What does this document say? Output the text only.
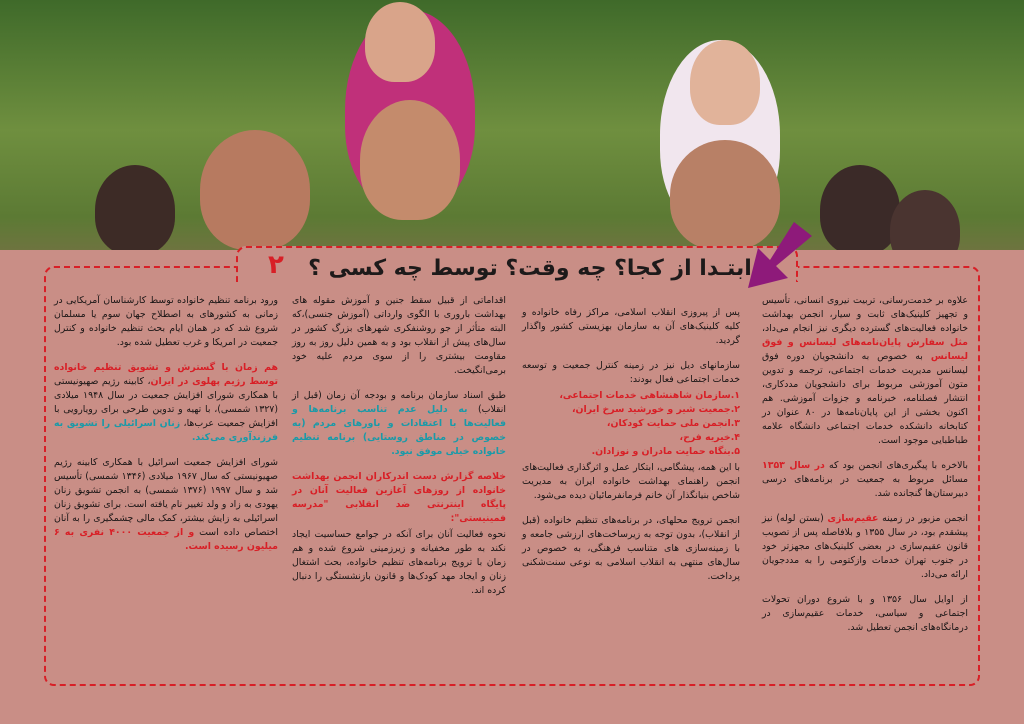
ابتـدا از کجا؟ چه وقت؟ توسط چه کسی ؟
۲

علاوه بر خدمت‌رسانی، تربیت نیروی انسانی، تأسیس و تجهیز کلینیک‌های ثابت و سیار، انجمن بهداشت خانواده فعالیت‌های گسترده دیگری نیز انجام می‌داد، مثل سفارش پایان‌نامه‌های لیسانس و فوق لیسانس به خصوص به دانشجویان دوره فوق لیسانس مدیریت خدمات اجتماعی، ترجمه و تدوین متون آموزشی مربوط برای دانشجویان مددکاری، انتشار فصلنامه، خبرنامه و جزوات آموزشی. هم اکنون بخشی از این پایان‌نامه‌ها در ۸۰ عنوان در کتابخانه دانشکده خدمات اجتماعی دانشگاه علامه طباطبایی موجود است.

بالاخره با پیگیری‌های انجمن بود که در سال ۱۳۵۳ مسائل مربوط به جمعیت در برنامه‌های درسی دبیرستان‌ها گنجانده شد.

انجمن مزبور در زمینه عقیم‌سازی (بستن لوله) نیز پیشقدم بود، در سال ۱۳۵۵ و بلافاصله پس از تصویب قانون عقیم‌سازی در بعضی کلینیک‌های مجهزتر خود در جنوب تهران خدمات وازکتومی را به مددجویان ارائه می‌داد.

از اوایل سال ۱۳۵۶ و با شروع دوران تحولات اجتماعی و سیاسی، خدمات عقیم‌سازی در درمانگاه‌های انجمن تعطیل شد.

پس از پیروزی انقلاب اسلامی، مراکز رفاه خانواده و کلیه کلینیک‌های آن به سازمان بهزیستی کشور واگذار گردید.

سازمانهای دیل نیز در زمینه کنترل جمعیت و توسعه خدمات اجتماعی فعال بودند:

۱.سازمان شاهنشاهی خدمات اجتماعی،
۲.جمعیت شیر و خورشید سرخ ایران،
۳.انجمن ملی حمایت کودکان،
۴.خیریه فرح،
۵.بنگاه حمایت مادران و نوزادان.

با این همه، پیشگامی، ابتکار عمل و اثرگذاری فعالیت‌های انجمن راهنمای بهداشت خانواده ایران به مدیریت شاخص بنیانگذار آن خانم فرمانفرمائیان دیده می‌شود.

انجمن ترویج محلهای، در برنامه‌های تنظیم خانواده (قبل از انقلاب)، بدون توجه به زیرساخت‌های ارزشی جامعه و با زمینه‌سازی های متناسب فرهنگی، به خصوص در سال‌های منتهی به انقلاب اسلامی به نوعی سنت‌شکنی پرداخت.

اقداماتی از قبیل سقط جنین و آموزش مقوله های بهداشت باروری با الگوی وارداتی (آموزش جنسی)،که البته متأثر از جو روشنفکری شهرهای بزرگ کشور در سال‌های پیش از انقلاب بود و به همین دلیل روز به روز مقاومت بیشتری را از سوی مردم علیه خود برمی‌انگیخت.

طبق اسناد سازمان برنامه و بودجه آن زمان (قبل از انقلاب) به دلیل عدم تناسب برنامه‌ها و فعالیت‌ها با اعتقادات و باورهای مردم (به خصوص در مناطق روستایی) برنامه تنظیم خانواده خیلی موفق نبود.

خلاصه گزارش دست اندرکاران انجمن بهداشت خانواده از روزهای آغازین فعالیت آنان در پایگاه اینترنتی ضد انقلابی "مدرسه فمینیستی":

نحوه فعالیت آنان برای آنکه در جوامع حساسیت ایجاد نکند به طور مخفیانه و زیرزمینی شروع شده و هم زمان با ترویج برنامه‌های تنظیم خانواده، بحث اشتغال زنان و ایجاد مهد کودک‌ها و قانون بازنشستگی را دنبال کرده اند.

ورود برنامه تنظیم خانواده توسط کارشناسان آمریکایی در زمانی به کشورهای به اصطلاح جهان سوم یا مسلمان شروع شد که در همان ایام بحث تنظیم خانواده و کنترل جمعیت در امریکا و غرب تعطیل شده بود.

هم زمان با گسترش و تشویق تنظیم خانواده توسط رژیم پهلوی در ایران، کابینه رژیم صهیونیستی با همکاری شورای افزایش جمعیت در سال ۱۹۴۸ میلادی (۱۳۲۷ شمسی)، با تهیه و تدوین طرحی برای رویارویی با افزایش جمعیت عرب‌ها، زنان اسرائیلی را تشویق به فرزندآوری می‌کند.

شورای افزایش جمعیت اسرائیل با همکاری کابینه رژیم صهیونیستی که سال ۱۹۶۷ میلادی (۱۳۴۶ شمسی) تأسیس شد و سال ۱۹۹۷ (۱۳۷۶ شمسی) به انجمن تشویق زنان یهودی به زاد و ولد تغییر نام یافته است. برای تشویق زنان اسرائیلی به زایش بیشتر، کمک مالی چشمگیری را به آنان اختصاص داده است و از جمعیت ۴۰۰۰ نفری به ۶ میلیون رسیده است.
